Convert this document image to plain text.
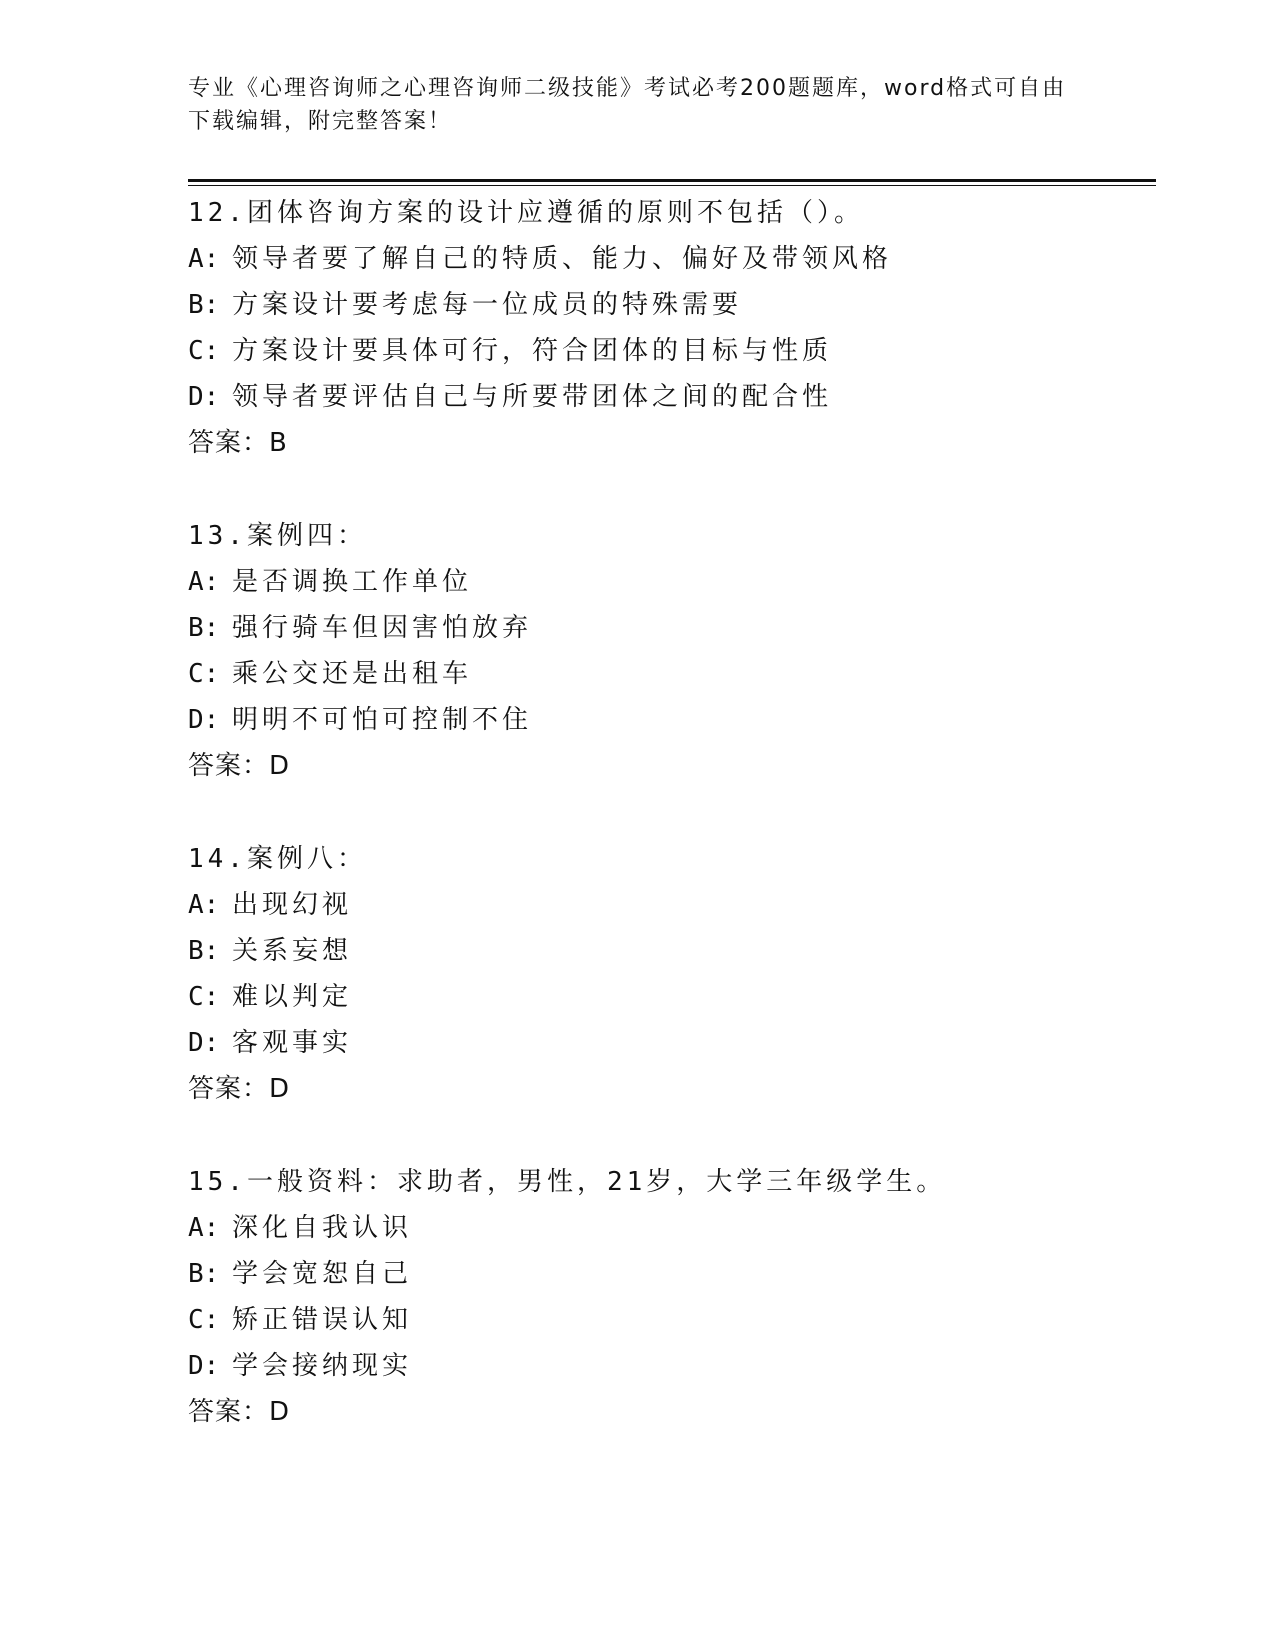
专业《心理咨询师之心理咨询师二级技能》考试必考200题题库，word格式可自由下载编辑，附完整答案！
12.团体咨询方案的设计应遵循的原则不包括（）。
A: 领导者要了解自己的特质、能力、偏好及带领风格
B: 方案设计要考虑每一位成员的特殊需要
C: 方案设计要具体可行，符合团体的目标与性质
D: 领导者要评估自己与所要带团体之间的配合性
答案：B
13.案例四：
A: 是否调换工作单位
B: 强行骑车但因害怕放弃
C: 乘公交还是出租车
D: 明明不可怕可控制不住
答案：D
14.案例八：
A: 出现幻视
B: 关系妄想
C: 难以判定
D: 客观事实
答案：D
15.一般资料：求助者，男性，21岁，大学三年级学生。
A: 深化自我认识
B: 学会宽恕自己
C: 矫正错误认知
D: 学会接纳现实
答案：D
